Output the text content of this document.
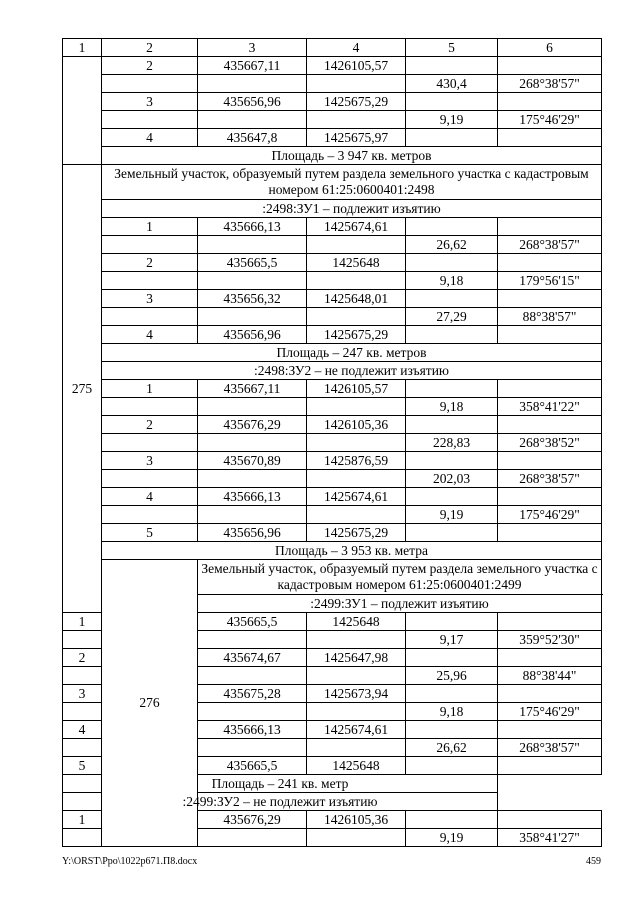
1	2	3	4	5	6
	2	435667,11	1426105,57		
				430,4	268°38'57"
	3	435656,96	1425675,29		
				9,19	175°46'29"
	4	435647,8	1425675,97		
	Площадь – 3 947 кв. метров				
275	Земельный участок, образуемый путем раздела земельного участка с кадастровым номером 61:25:0600401:2498				
	:2498:ЗУ1 – подлежит изъятию				
	1	435666,13	1425674,61		
				26,62	268°38'57"
	2	435665,5	1425648		
				9,18	179°56'15"
	3	435656,32	1425648,01		
				27,29	88°38'57"
	4	435656,96	1425675,29		
	Площадь – 247 кв. метров				
	:2498:ЗУ2 – не подлежит изъятию				
	1	435667,11	1426105,57		
				9,18	358°41'22"
	2	435676,29	1426105,36		
				228,83	268°38'52"
	3	435670,89	1425876,59		
				202,03	268°38'57"
	4	435666,13	1425674,61		
				9,19	175°46'29"
	5	435656,96	1425675,29		
	Площадь – 3 953 кв. метра				
	276	Земельный участок, образуемый путем раздела земельного участка с кадастровым номером 61:25:0600401:2499			
		:2499:ЗУ1 – подлежит изъятию			
1		435665,5	1425648		
				9,17	359°52'30"
2		435674,67	1425647,98		
				25,96	88°38'44"
3		435675,28	1425673,94		
				9,18	175°46'29"
4		435666,13	1425674,61		
				26,62	268°38'57"
5		435665,5	1425648		
Площадь – 241 кв. метр					
:2499:ЗУ2 – не подлежит изъятию					
1		435676,29	1426105,36		
				9,19	358°41'27"
Y:\ORST\Ppo\1022p671.П8.docx	459
